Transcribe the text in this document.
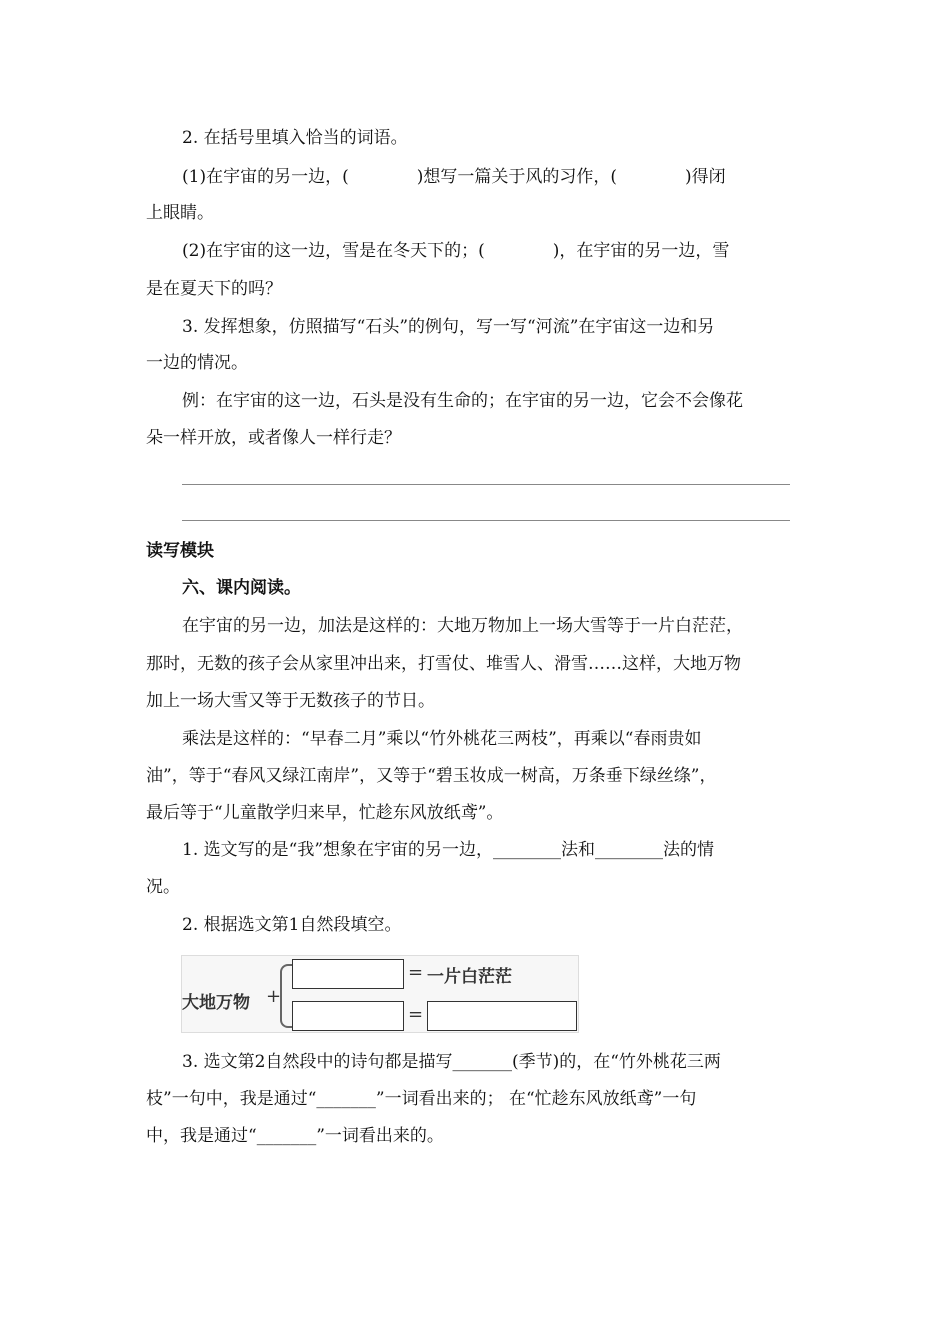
2. 在括号里填入恰当的词语。
(1)在宇宙的另一边，(　　　　)想写一篇关于风的习作，(　　　　)得闭
上眼睛。
(2)在宇宙的这一边，雪是在冬天下的；(　　　　)，在宇宙的另一边，雪
是在夏天下的吗？
3. 发挥想象，仿照描写“石头”的例句，写一写“河流”在宇宙这一边和另
一边的情况。
例：在宇宙的这一边，石头是没有生命的；在宇宙的另一边，它会不会像花
朵一样开放，或者像人一样行走？
读写模块
六、课内阅读。
在宇宙的另一边，加法是这样的：大地万物加上一场大雪等于一片白茫茫，
那时，无数的孩子会从家里冲出来，打雪仗、堆雪人、滑雪……这样，大地万物
加上一场大雪又等于无数孩子的节日。
乘法是这样的：“早春二月”乘以“竹外桃花三两枝”，再乘以“春雨贵如
油”，等于“春风又绿江南岸”，又等于“碧玉妆成一树高，万条垂下绿丝绦”，
最后等于“儿童散学归来早，忙趁东风放纸鸢”。
1. 选文写的是“我”想象在宇宙的另一边，________法和________法的情
况。
2. 根据选文第1自然段填空。
大地万物 +
= 一片白茫茫
=
3. 选文第2自然段中的诗句都是描写_______(季节)的，在“竹外桃花三两
枝”一句中，我是通过“_______”一词看出来的； 在“忙趁东风放纸鸢”一句
中，我是通过“_______”一词看出来的。
